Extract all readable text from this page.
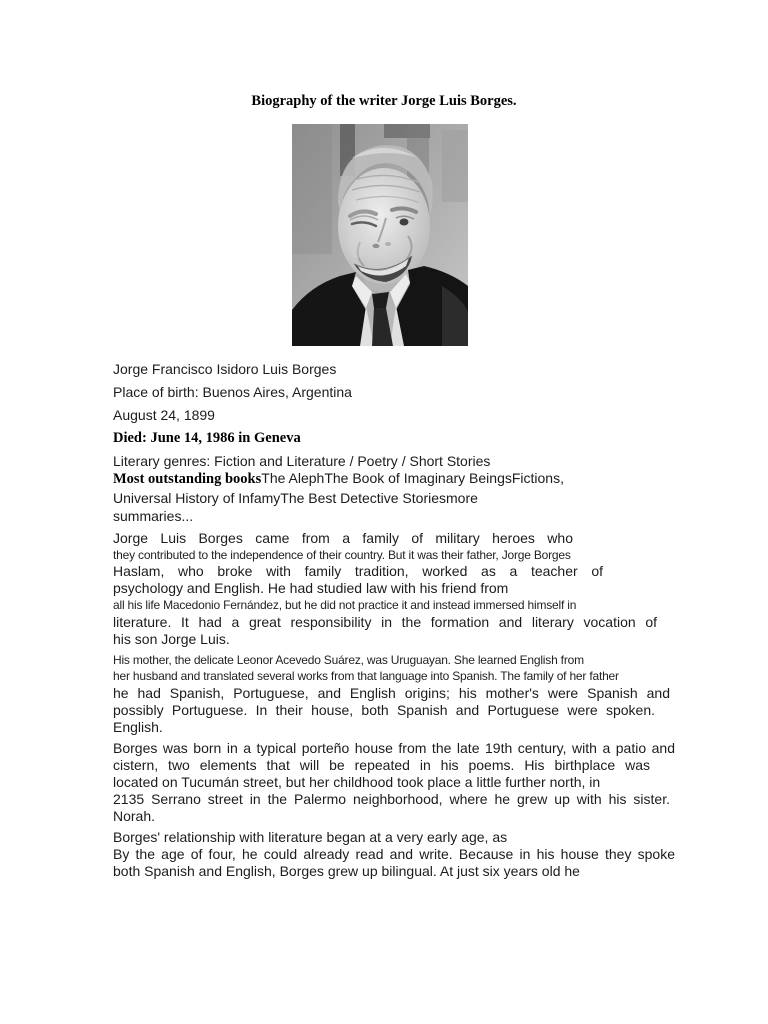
Biography of the writer Jorge Luis Borges.
Jorge Francisco Isidoro Luis Borges
Place of birth: Buenos Aires, Argentina
August 24, 1899
Died: June 14, 1986 in Geneva
Literary genres: Fiction and Literature / Poetry / Short Stories
Most outstanding booksThe AlephThe Book of Imaginary BeingsFictions,
Universal History of InfamyThe Best Detective Storiesmore
summaries...
Jorge Luis Borges came from a family of military heroes who
they contributed to the independence of their country. But it was their father, Jorge Borges
Haslam, who broke with family tradition, worked as a teacher of
psychology and English. He had studied law with his friend from
all his life Macedonio Fernández, but he did not practice it and instead immersed himself in
literature. It had a great responsibility in the formation and literary vocation of
his son Jorge Luis.
His mother, the delicate Leonor Acevedo Suárez, was Uruguayan. She learned English from
her husband and translated several works from that language into Spanish. The family of her father
he had Spanish, Portuguese, and English origins; his mother's were Spanish and
possibly Portuguese. In their house, both Spanish and Portuguese were spoken.
English.
Borges was born in a typical porteño house from the late 19th century, with a patio and
cistern, two elements that will be repeated in his poems. His birthplace was
located on Tucumán street, but her childhood took place a little further north, in
2135 Serrano street in the Palermo neighborhood, where he grew up with his sister.
Norah.
Borges' relationship with literature began at a very early age, as
By the age of four, he could already read and write. Because in his house they spoke
both Spanish and English, Borges grew up bilingual. At just six years old he
